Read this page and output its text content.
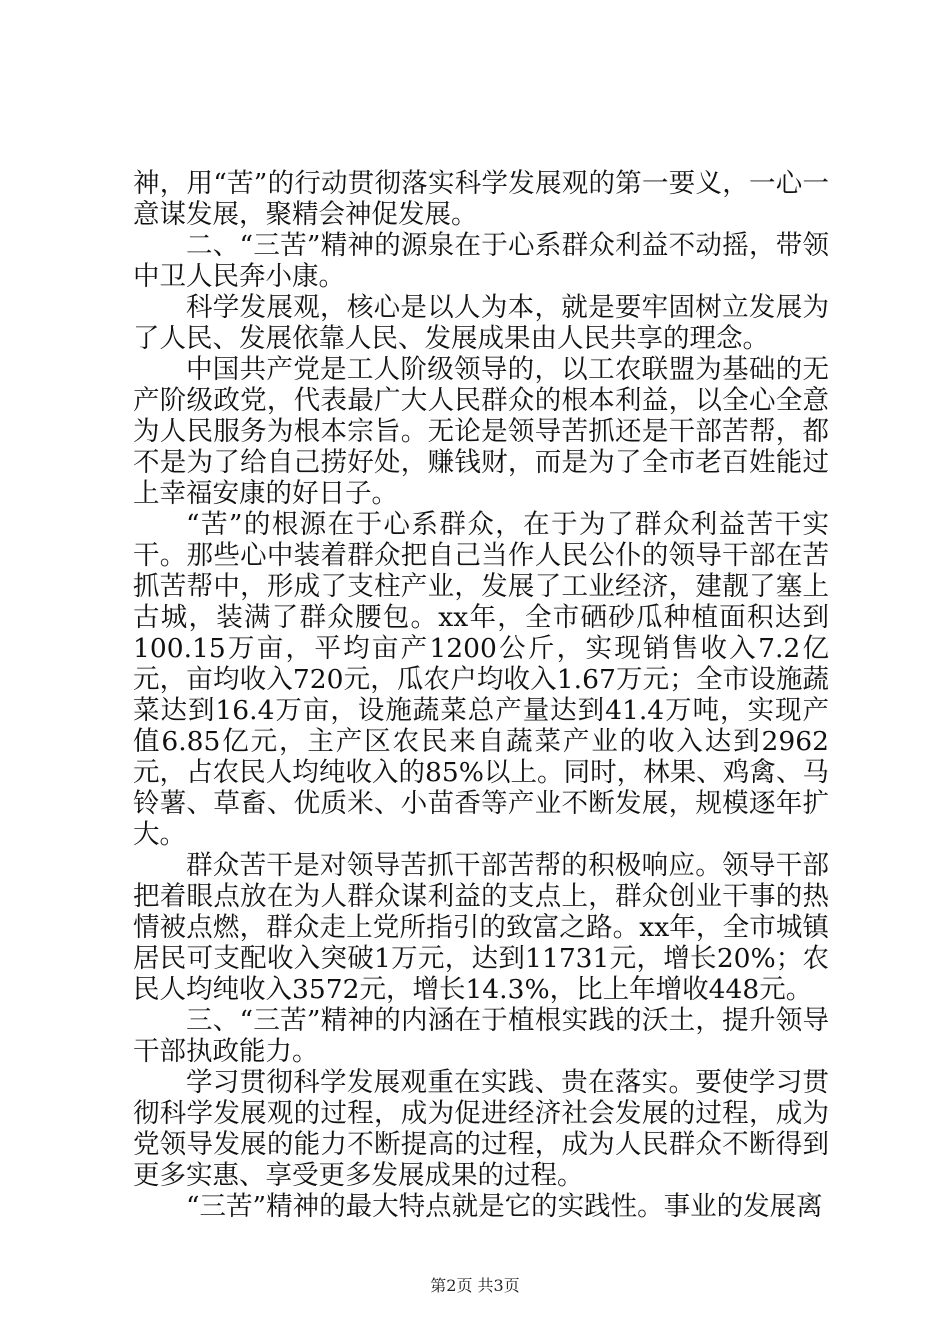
神，用“苦”的行动贯彻落实科学发展观的第一要义，一心一意谋发展，聚精会神促发展。

二、“三苦”精神的源泉在于心系群众利益不动摇，带领中卫人民奔小康。

科学发展观，核心是以人为本，就是要牢固树立发展为了人民、发展依靠人民、发展成果由人民共享的理念。

中国共产党是工人阶级领导的，以工农联盟为基础的无产阶级政党，代表最广大人民群众的根本利益，以全心全意为人民服务为根本宗旨。无论是领导苦抓还是干部苦帮，都不是为了给自己捞好处，赚钱财，而是为了全市老百姓能过上幸福安康的好日子。

“苦”的根源在于心系群众，在于为了群众利益苦干实干。那些心中装着群众把自己当作人民公仆的领导干部在苦抓苦帮中，形成了支柱产业，发展了工业经济，建靓了塞上古城，装满了群众腰包。xx年，全市硒砂瓜种植面积达到100.15万亩，平均亩产1200公斤，实现销售收入7.2亿元，亩均收入720元，瓜农户均收入1.67万元；全市设施蔬菜达到16.4万亩，设施蔬菜总产量达到41.4万吨，实现产值6.85亿元，主产区农民来自蔬菜产业的收入达到2962元，占农民人均纯收入的85%以上。同时，林果、鸡禽、马铃薯、草畜、优质米、小苗香等产业不断发展，规模逐年扩大。

群众苦干是对领导苦抓干部苦帮的积极响应。领导干部把着眼点放在为人群众谋利益的支点上，群众创业干事的热情被点燃，群众走上党所指引的致富之路。xx年，全市城镇居民可支配收入突破1万元，达到11731元，增长20%；农民人均纯收入3572元，增长14.3%，比上年增收448元。

三、“三苦”精神的内涵在于植根实践的沃土，提升领导干部执政能力。

学习贯彻科学发展观重在实践、贵在落实。要使学习贯彻科学发展观的过程，成为促进经济社会发展的过程，成为党领导发展的能力不断提高的过程，成为人民群众不断得到更多实惠、享受更多发展成果的过程。

“三苦”精神的最大特点就是它的实践性。事业的发展离

第2页 共3页
